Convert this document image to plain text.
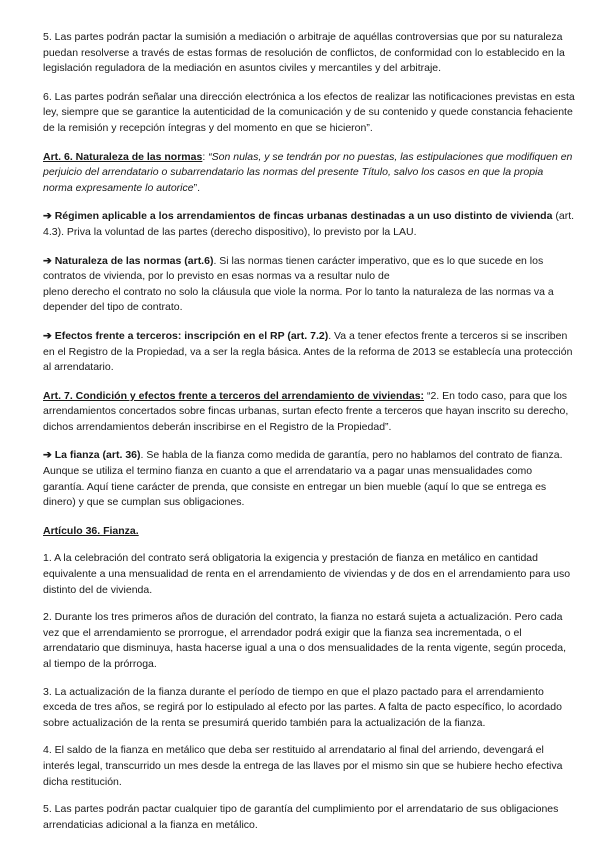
5. Las partes podrán pactar la sumisión a mediación o arbitraje de aquéllas controversias que por su naturaleza puedan resolverse a través de estas formas de resolución de conflictos, de conformidad con lo establecido en la legislación reguladora de la mediación en asuntos civiles y mercantiles y del arbitraje.

6. Las partes podrán señalar una dirección electrónica a los efectos de realizar las notificaciones previstas en esta ley, siempre que se garantice la autenticidad de la comunicación y de su contenido y quede constancia fehaciente de la remisión y recepción íntegras y del momento en que se hicieron”.

Art. 6. Naturaleza de las normas: “Son nulas, y se tendrán por no puestas, las estipulaciones que modifiquen en perjuicio del arrendatario o subarrendatario las normas del presente Título, salvo los casos en que la propia norma expresamente lo autorice”.

➔ Régimen aplicable a los arrendamientos de fincas urbanas destinadas a un uso distinto de vivienda (art. 4.3). Priva la voluntad de las partes (derecho dispositivo), lo previsto por la LAU.

➔ Naturaleza de las normas (art.6). Si las normas tienen carácter imperativo, que es lo que sucede en los contratos de vivienda, por lo previsto en esas normas va a resultar nulo de
pleno derecho el contrato no solo la cláusula que viole la norma. Por lo tanto la naturaleza de las normas va a depender del tipo de contrato.

➔ Efectos frente a terceros: inscripción en el RP (art. 7.2). Va a tener efectos frente a terceros si se inscriben en el Registro de la Propiedad, va a ser la regla básica. Antes de la reforma de 2013 se establecía una protección al arrendatario.

Art. 7. Condición y efectos frente a terceros del arrendamiento de viviendas: “2. En todo caso, para que los arrendamientos concertados sobre fincas urbanas, surtan efecto frente a terceros que hayan inscrito su derecho, dichos arrendamientos deberán inscribirse en el Registro de la Propiedad”.

➔ La fianza (art. 36). Se habla de la fianza como medida de garantía, pero no hablamos del contrato de fianza. Aunque se utiliza el termino fianza en cuanto a que el arrendatario va a pagar unas mensualidades como garantía. Aquí tiene carácter de prenda, que consiste en entregar un bien mueble (aquí lo que se entrega es dinero) y que se cumplan sus obligaciones.

Artículo 36. Fianza.

1. A la celebración del contrato será obligatoria la exigencia y prestación de fianza en metálico en cantidad equivalente a una mensualidad de renta en el arrendamiento de viviendas y de dos en el arrendamiento para uso distinto del de vivienda.

2. Durante los tres primeros años de duración del contrato, la fianza no estará sujeta a actualización. Pero cada vez que el arrendamiento se prorrogue, el arrendador podrá exigir que la fianza sea incrementada, o el arrendatario que disminuya, hasta hacerse igual a una o dos mensualidades de la renta vigente, según proceda, al tiempo de la prórroga.

3. La actualización de la fianza durante el período de tiempo en que el plazo pactado para el arrendamiento exceda de tres años, se regirá por lo estipulado al efecto por las partes. A falta de pacto específico, lo acordado sobre actualización de la renta se presumirá querido también para la actualización de la fianza.

4. El saldo de la fianza en metálico que deba ser restituido al arrendatario al final del arriendo, devengará el interés legal, transcurrido un mes desde la entrega de las llaves por el mismo sin que se hubiere hecho efectiva dicha restitución.

5. Las partes podrán pactar cualquier tipo de garantía del cumplimiento por el arrendatario de sus obligaciones arrendaticias adicional a la fianza en metálico.
